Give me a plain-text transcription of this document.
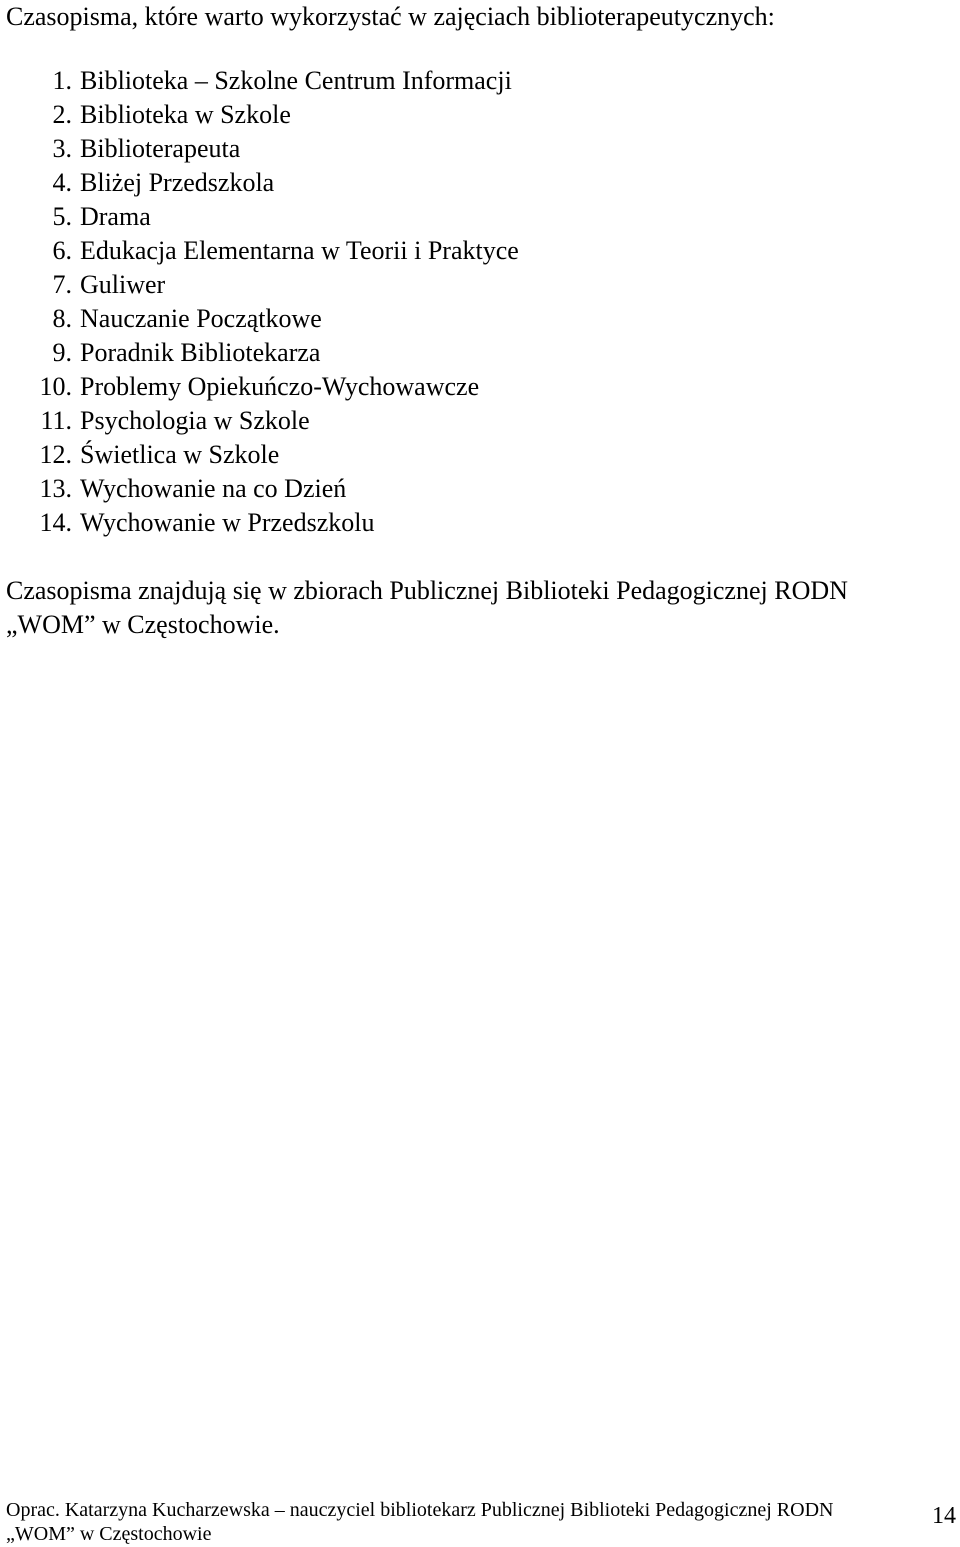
Czasopisma, które warto wykorzystać w zajęciach biblioterapeutycznych:
1. Biblioteka – Szkolne Centrum Informacji
2. Biblioteka w Szkole
3. Biblioterapeuta
4. Bliżej Przedszkola
5. Drama
6. Edukacja Elementarna w Teorii i Praktyce
7. Guliwer
8. Nauczanie Początkowe
9. Poradnik Bibliotekarza
10. Problemy Opiekuńczo-Wychowawcze
11. Psychologia w Szkole
12. Świetlica w Szkole
13. Wychowanie na co Dzień
14. Wychowanie w Przedszkolu

Czasopisma znajdują się w zbiorach Publicznej Biblioteki Pedagogicznej RODN
„WOM” w Częstochowie.

Oprac. Katarzyna Kucharzewska – nauczyciel bibliotekarz Publicznej Biblioteki Pedagogicznej RODN
„WOM” w Częstochowie
14
